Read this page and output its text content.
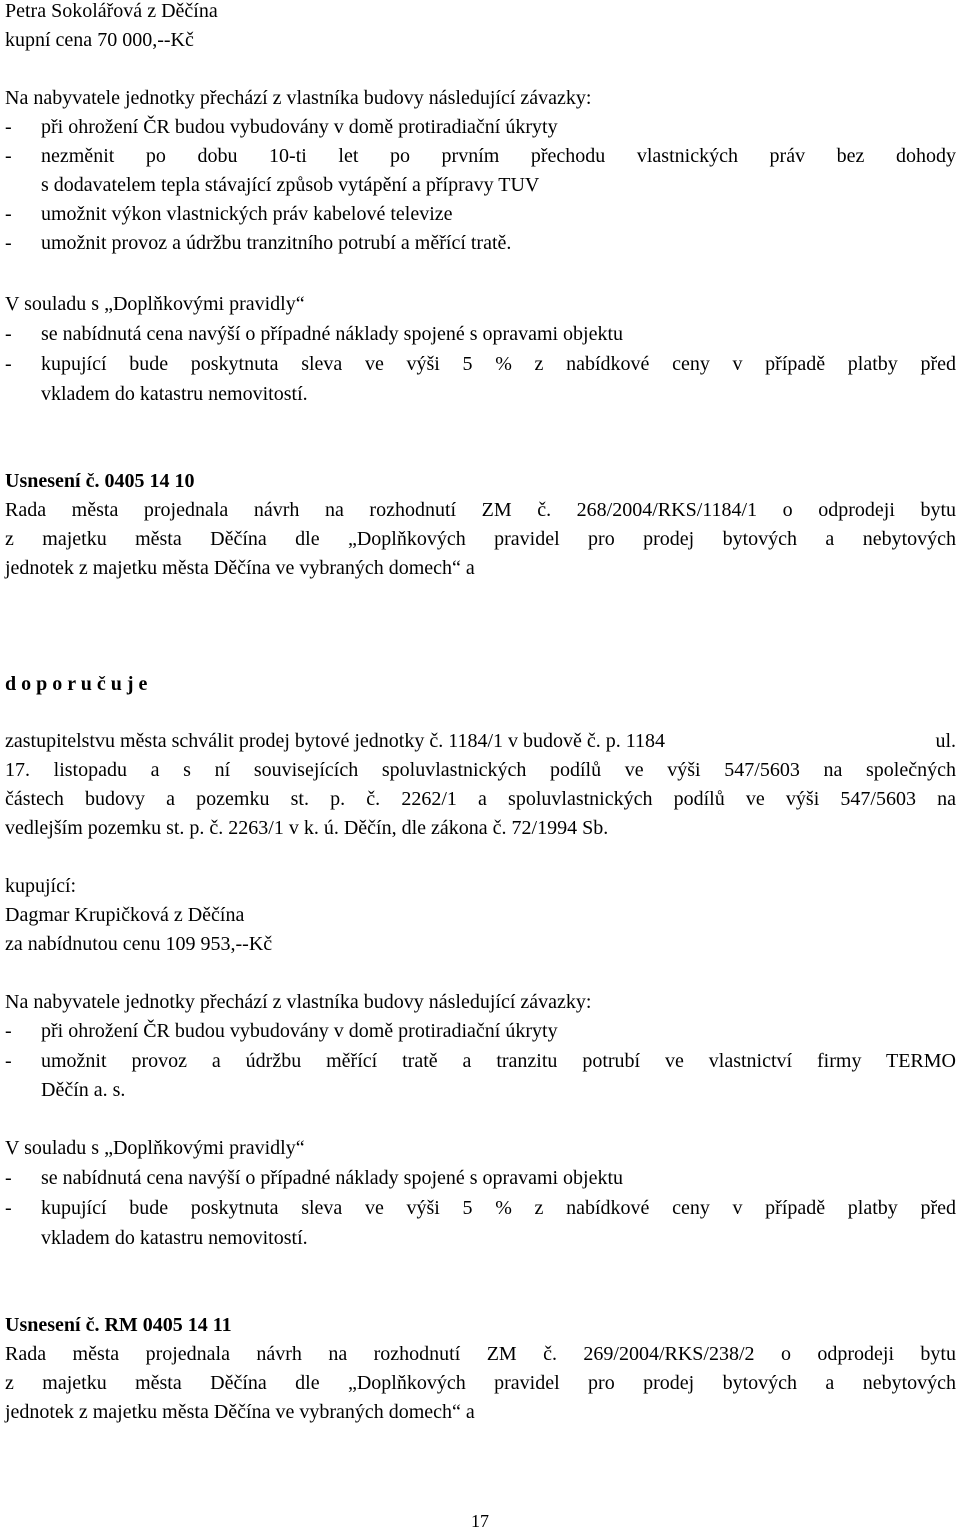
Petra Sokolářová z Děčína
kupní cena 70 000,--Kč
Na nabyvatele jednotky přechází z vlastníka budovy následující závazky:
- při ohrožení ČR budou vybudovány v domě protiradiační úkryty
- nezměnit po dobu 10-ti let po prvním přechodu vlastnických práv bez dohody
s dodavatelem tepla stávající způsob vytápění a přípravy TUV
- umožnit výkon vlastnických práv kabelové televize
- umožnit provoz a údržbu tranzitního potrubí a měřící tratě.
V souladu s „Doplňkovými pravidly“
- se nabídnutá cena navýší o případné náklady spojené s opravami objektu
- kupující bude poskytnuta sleva ve výši 5 % z nabídkové ceny v případě platby před
vkladem do katastru nemovitostí.
Usnesení č. 0405 14 10
Rada města projednala návrh na rozhodnutí ZM č. 268/2004/RKS/1184/1 o odprodeji bytu
z majetku města Děčína dle „Doplňkových pravidel pro prodej bytových a nebytových
jednotek z majetku města Děčína ve vybraných domech“ a
d o p o r u č u j e
zastupitelstvu města schválit prodej bytové jednotky č. 1184/1 v budově č. p. 1184	ul.
17. listopadu a s ní souvisejících spoluvlastnických podílů ve výši 547/5603 na společných
částech budovy a pozemku st. p. č. 2262/1 a spoluvlastnických podílů ve výši 547/5603 na
vedlejším pozemku st. p. č. 2263/1 v k. ú. Děčín, dle zákona č. 72/1994 Sb.
kupující:
Dagmar Krupičková z Děčína
za nabídnutou cenu 109 953,--Kč
Na nabyvatele jednotky přechází z vlastníka budovy následující závazky:
- při ohrožení ČR budou vybudovány v domě protiradiační úkryty
- umožnit provoz a údržbu měřící tratě a tranzitu potrubí ve vlastnictví firmy TERMO
Děčín a. s.
V souladu s „Doplňkovými pravidly“
- se nabídnutá cena navýší o případné náklady spojené s opravami objektu
- kupující bude poskytnuta sleva ve výši 5 % z nabídkové ceny v případě platby před
vkladem do katastru nemovitostí.
Usnesení č. RM 0405 14 11
Rada města projednala návrh na rozhodnutí ZM č. 269/2004/RKS/238/2 o odprodeji bytu
z majetku města Děčína dle „Doplňkových pravidel pro prodej bytových a nebytových
jednotek z majetku města Děčína ve vybraných domech“ a
17
